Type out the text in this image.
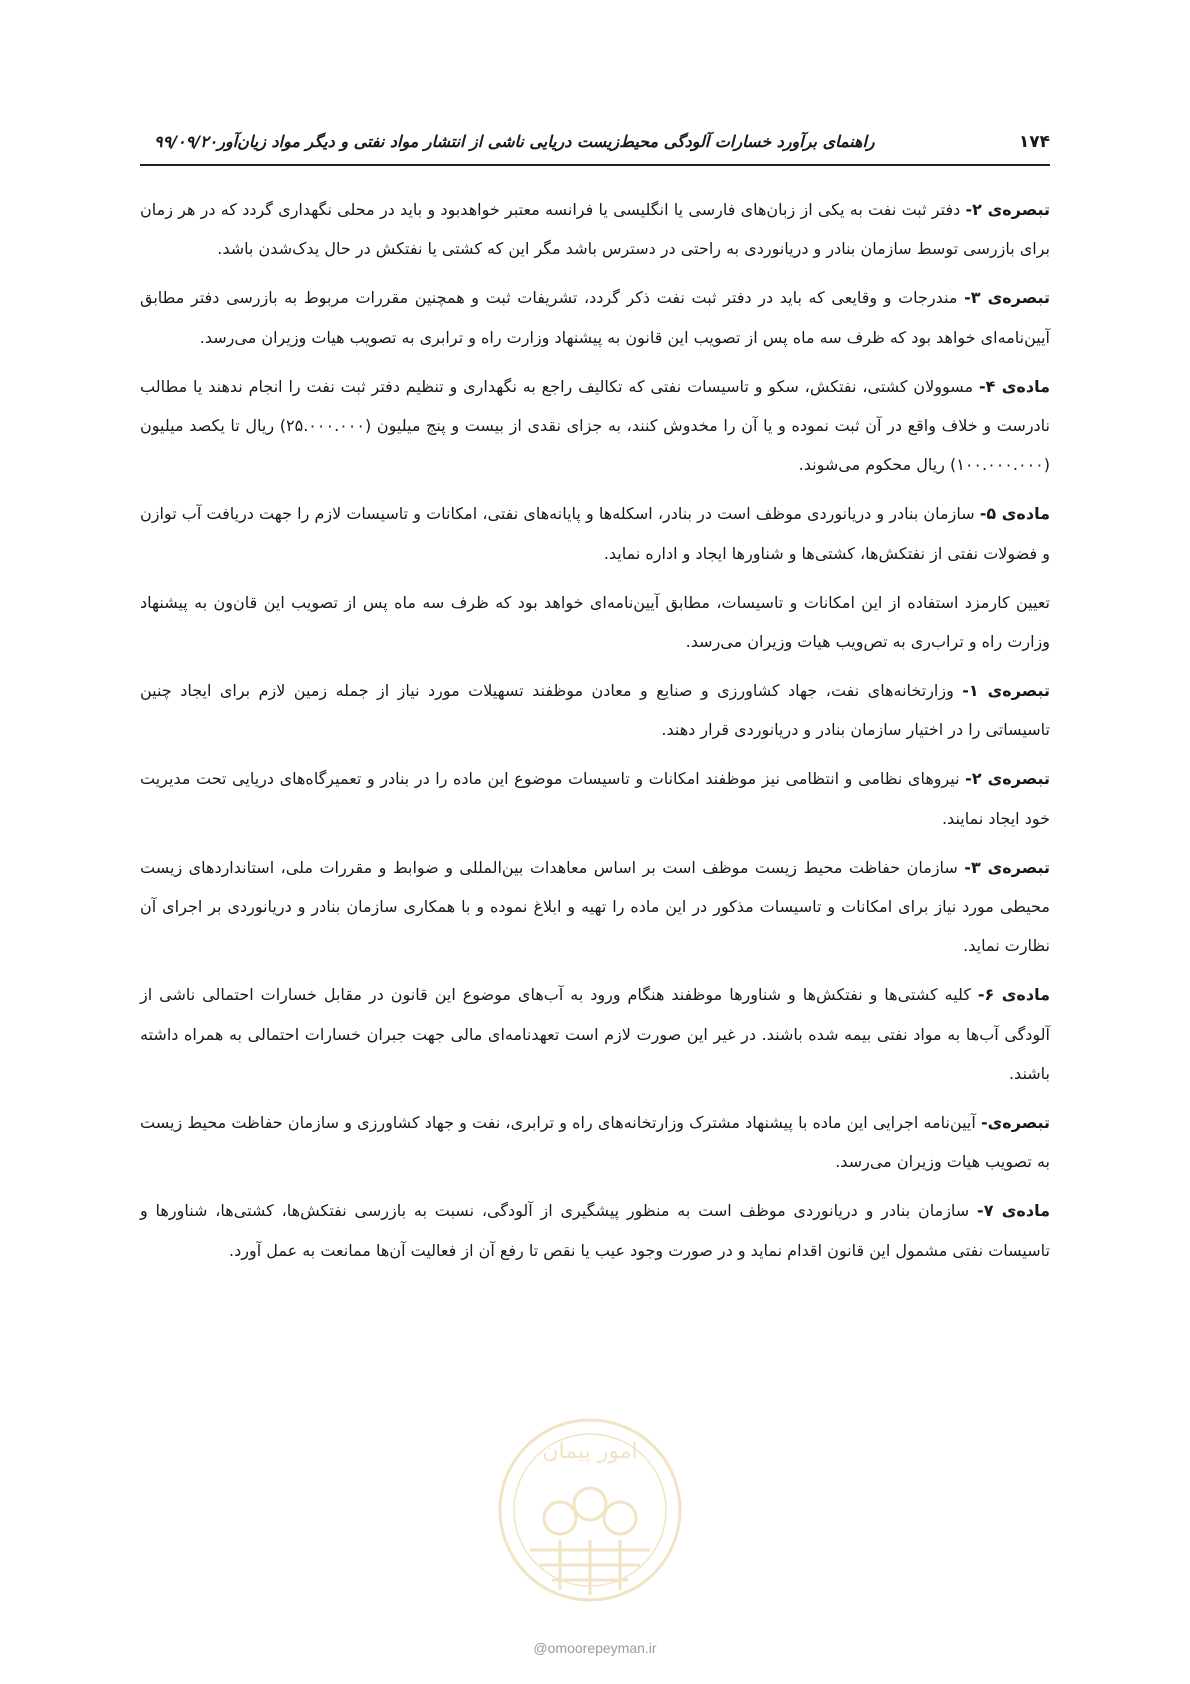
۱۷۴
راهنمای برآورد خسارات آلودگی محیط‌زیست دریایی ناشی از انتشار مواد نفتی و دیگر مواد زیان‌آور۹۹/۰۹/۲۰

تبصره‌ی ۲- دفتر ثبت نفت به یکی از زبان‌های فارسی یا انگلیسی یا فرانسه معتبر خواهدبود و باید در محلی نگهداری گردد که در هر زمان برای بازرسی توسط سازمان بنادر و دریانوردی به راحتی در دسترس باشد مگر این که کشتی یا نفتکش در حال یدک‌شدن باشد.

تبصره‌ی ۳- مندرجات و وقایعی که باید در دفتر ثبت نفت ذکر گردد، تشریفات ثبت و همچنین مقررات مربوط به بازرسی دفتر مطابق آیین‌نامه‌ای خواهد بود که ظرف سه ماه پس از تصویب این قانون به پیشنهاد وزارت راه و ترابری به تصویب هیات وزیران می‌رسد.

ماده‌ی ۴- مسوولان کشتی، نفتکش، سکو و تاسیسات نفتی که تکالیف راجع به نگهداری و تنظیم دفتر ثبت نفت را انجام ندهند یا مطالب نادرست و خلاف واقع در آن ثبت نموده و یا آن را مخدوش کنند، به جزای نقدی از بیست و پنج میلیون (۲۵.۰۰۰.۰۰۰) ریال تا یکصد میلیون (۱۰۰.۰۰۰.۰۰۰) ریال محکوم می‌شوند.

ماده‌ی ۵- سازمان بنادر و دریانوردی موظف است در بنادر، اسکله‌ها و پایانه‌های نفتی، امکانات و تاسیسات لازم را جهت دریافت آب توازن و فضولات نفتی از نفتکش‌ها، کشتی‌ها و شناورها ایجاد و اداره نماید.

تعیین کارمزد استفاده از این امکانات و تاسیسات، مطابق آیین‌نامه‌ای خواهد بود که ظرف سه ماه پس از تصویب این قان‌ون به پیشنهاد وزارت راه و تراب‌ری به تص‌ویب هیات وزیران می‌رسد.

تبصره‌ی ۱- وزارتخانه‌های نفت، جهاد کشاورزی و صنایع و معادن موظفند تسهیلات مورد نیاز از جمله زمین لازم برای ایجاد چنین تاسیساتی را در اختیار سازمان بنادر و دریانوردی قرار دهند.

تبصره‌ی ۲- نیروهای نظامی و انتظامی نیز موظفند امکانات و تاسیسات موضوع این ماده را در بنادر و تعمیرگاه‌های دریایی تحت مدیریت خود ایجاد نمایند.

تبصره‌ی ۳- سازمان حفاظت محیط زیست موظف است بر اساس معاهدات بین‌المللی و ضوابط و مقررات ملی، استانداردهای زیست محیطی مورد نیاز برای امکانات و تاسیسات مذکور در این ماده را تهیه و ابلاغ نموده و با همکاری سازمان بنادر و دریانوردی بر اجرای آن نظارت نماید.

ماده‌ی ۶- کلیه کشتی‌ها و نفتکش‌ها و شناورها موظفند هنگام ورود به آب‌های موضوع این قانون در مقابل خسارات احتمالی ناشی از آلودگی آب‌ها به مواد نفتی بیمه شده باشند. در غیر این صورت لازم است تعهدنامه‌ای مالی جهت جبران خسارات احتمالی به همراه داشته باشند.

تبصره‌ی- آیین‌نامه اجرایی این ماده با پیشنهاد مشترک وزارتخانه‌های راه و ترابری، نفت و جهاد کشاورزی و سازمان حفاظت محیط زیست به تصویب هیات وزیران می‌رسد.

ماده‌ی ۷- سازمان بنادر و دریانوردی موظف است به منظور پیشگیری از آلودگی، نسبت به بازرسی نفتکش‌ها، کشتی‌ها، شناورها و تاسیسات نفتی مشمول این قانون اقدام نماید و در صورت وجود عیب یا نقص تا رفع آن از فعالیت آن‌ها ممانعت به عمل آورد.

امور پیمان
@omoorepeyman.ir
